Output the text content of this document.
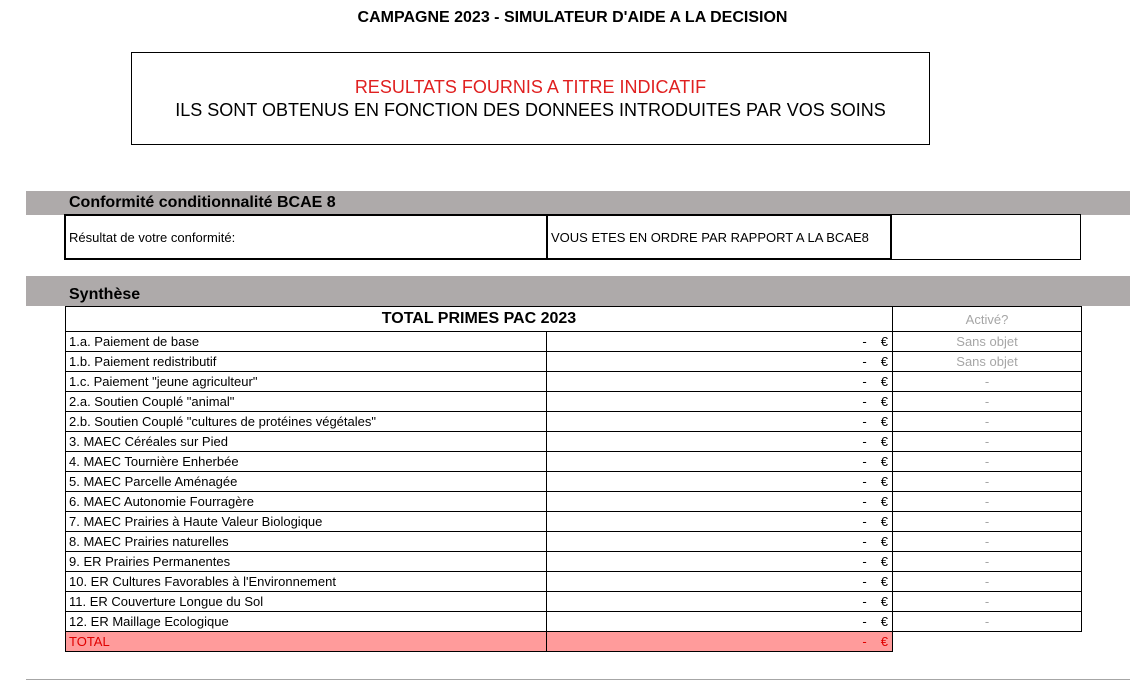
CAMPAGNE 2023 - SIMULATEUR D'AIDE A LA DECISION
RESULTATS FOURNIS A TITRE INDICATIF
ILS SONT OBTENUS EN FONCTION DES DONNEES INTRODUITES PAR VOS SOINS
Conformité conditionnalité BCAE 8
Résultat de votre conformité:	VOUS ETES EN ORDRE PAR RAPPORT A LA BCAE8
Synthèse
TOTAL PRIMES PAC 2023		Activé?
1.a. Paiement de base	- €	Sans objet
1.b. Paiement redistributif	- €	Sans objet
1.c. Paiement "jeune agriculteur"	- €	-
2.a. Soutien Couplé "animal"	- €	-
2.b. Soutien Couplé "cultures de protéines végétales"	- €	-
3. MAEC Céréales sur Pied	- €	-
4. MAEC Tournière Enherbée	- €	-
5. MAEC Parcelle Aménagée	- €	-
6. MAEC Autonomie Fourragère	- €	-
7. MAEC Prairies à Haute Valeur Biologique	- €	-
8. MAEC Prairies naturelles	- €	-
9. ER Prairies Permanentes	- €	-
10. ER Cultures Favorables à l'Environnement	- €	-
11. ER Couverture Longue du Sol	- €	-
12. ER Maillage Ecologique	- €	-
TOTAL	- €	
